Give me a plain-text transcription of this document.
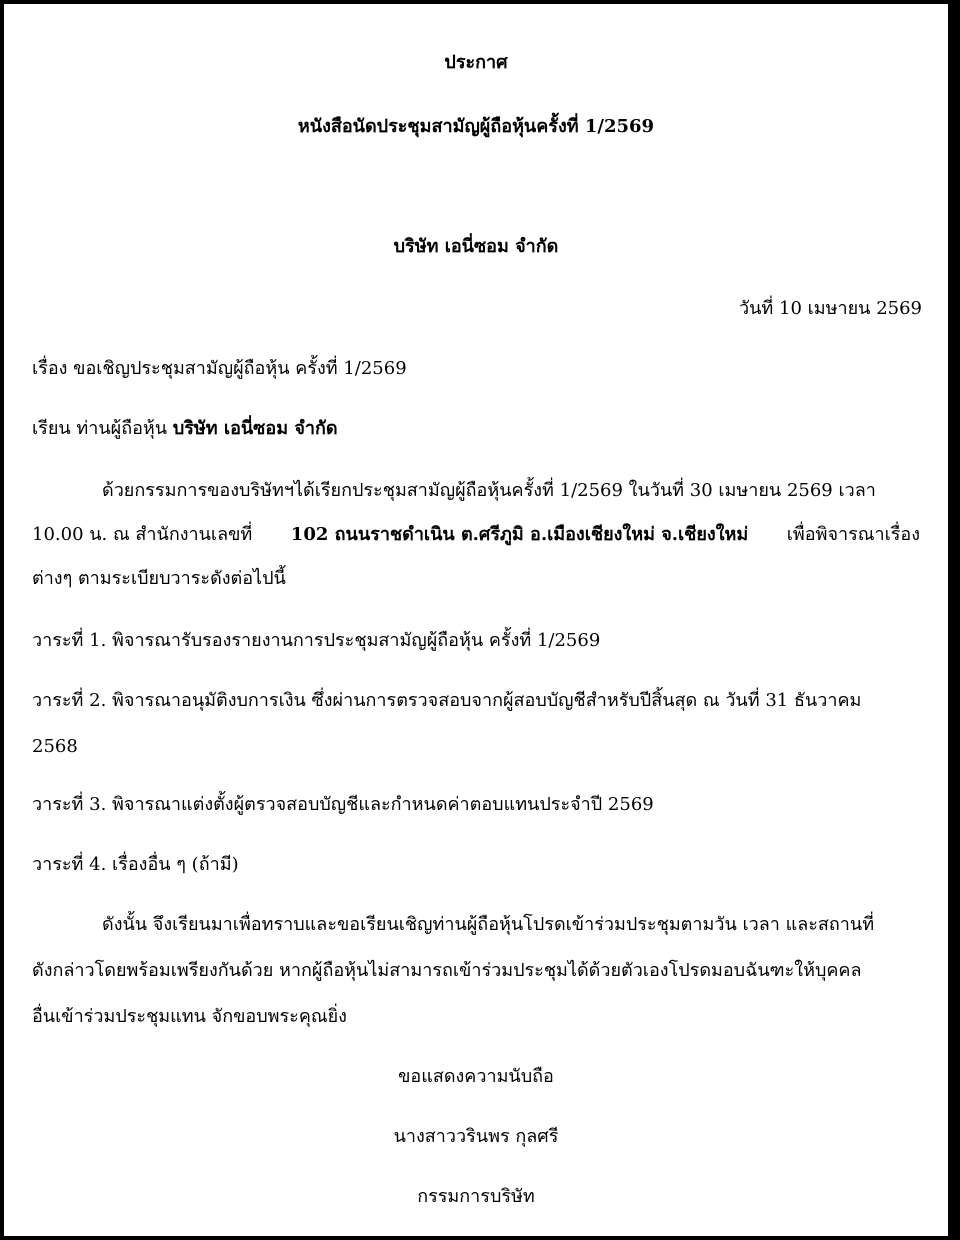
ประกาศ
หนังสือนัดประชุมสามัญผู้ถือหุ้นครั้งที่ 1/2569
บริษัท เอนี่ซอม จำกัด
วันที่ 10 เมษายน 2569
เรื่อง ขอเชิญประชุมสามัญผู้ถือหุ้น ครั้งที่ 1/2569
เรียน ท่านผู้ถือหุ้น บริษัท เอนี่ซอม จำกัด
ด้วยกรรมการของบริษัทฯได้เรียกประชุมสามัญผู้ถือหุ้นครั้งที่ 1/2569 ในวันที่ 30 เมษายน 2569 เวลา
10.00 น. ณ สำนักงานเลขที่ 102 ถนนราชดำเนิน ต.ศรีภูมิ อ.เมืองเชียงใหม่ จ.เชียงใหม่ เพื่อพิจารณาเรื่อง
ต่างๆ ตามระเบียบวาระดังต่อไปนี้
วาระที่ 1. พิจารณารับรองรายงานการประชุมสามัญผู้ถือหุ้น ครั้งที่ 1/2569
วาระที่ 2. พิจารณาอนุมัติงบการเงิน ซึ่งผ่านการตรวจสอบจากผู้สอบบัญชีสำหรับปีสิ้นสุด ณ วันที่ 31 ธันวาคม
2568
วาระที่ 3. พิจารณาแต่งตั้งผู้ตรวจสอบบัญชีและกำหนดค่าตอบแทนประจำปี 2569
วาระที่ 4. เรื่องอื่น ๆ (ถ้ามี)
ดังนั้น จึงเรียนมาเพื่อทราบและขอเรียนเชิญท่านผู้ถือหุ้นโปรดเข้าร่วมประชุมตามวัน เวลา และสถานที่
ดังกล่าวโดยพร้อมเพรียงกันด้วย หากผู้ถือหุ้นไม่สามารถเข้าร่วมประชุมได้ด้วยตัวเองโปรดมอบฉันฑะให้บุคคล
อื่นเข้าร่วมประชุมแทน จักขอบพระคุณยิ่ง
ขอแสดงความนับถือ
นางสาววรินพร กุลศรี
กรรมการบริษัท
